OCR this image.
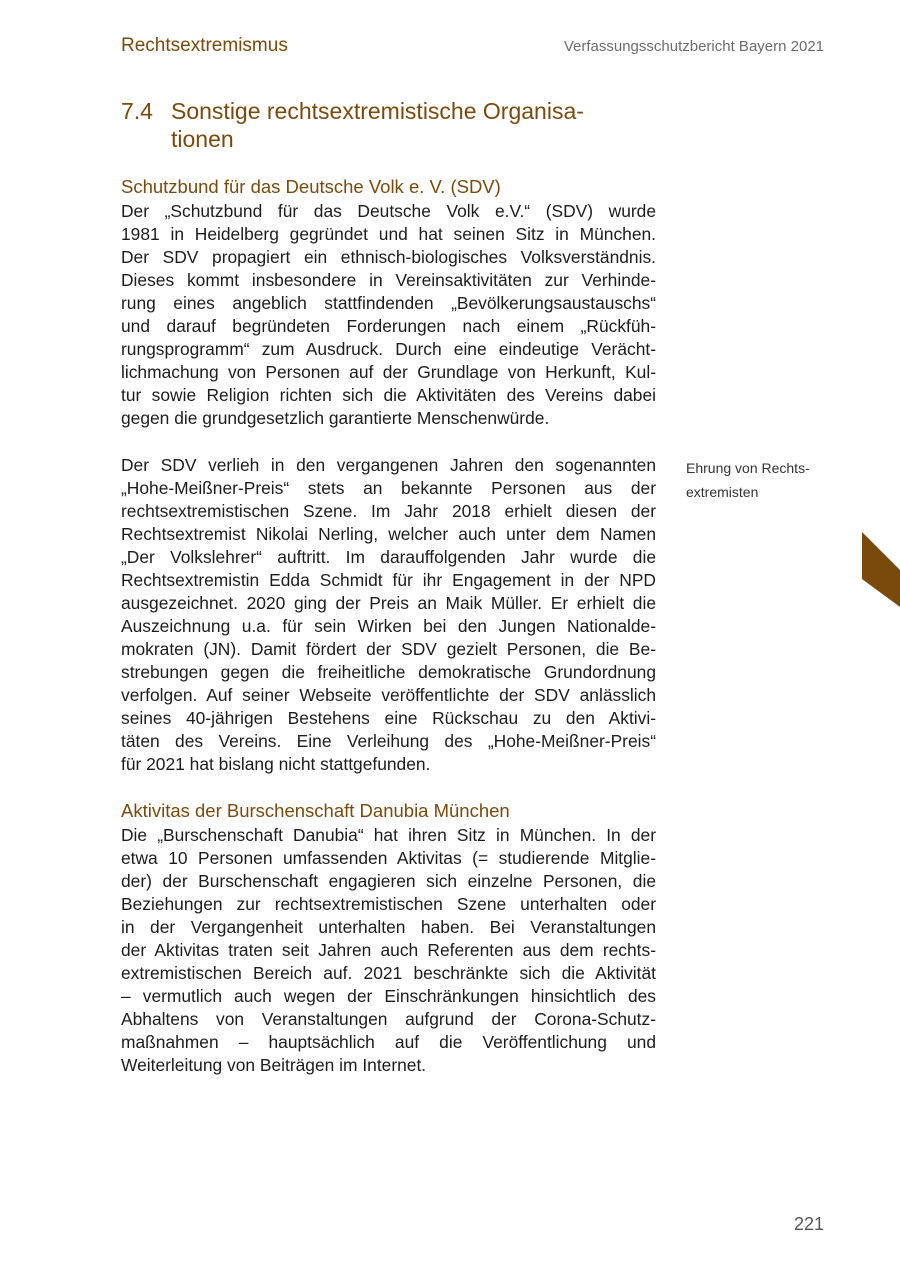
Rechtsextremismus	Verfassungsschutzbericht Bayern 2021
7.4 Sonstige rechtsextremistische Organisa-
tionen
Schutzbund für das Deutsche Volk e. V. (SDV)
Der „Schutzbund für das Deutsche Volk e.V.“ (SDV) wurde
1981 in Heidelberg gegründet und hat seinen Sitz in München.
Der SDV propagiert ein ethnisch-biologisches Volksverständnis.
Dieses kommt insbesondere in Vereinsaktivitäten zur Verhinde-
rung eines angeblich stattfindenden „Bevölkerungsaustauschs“
und darauf begründeten Forderungen nach einem „Rückfüh-
rungsprogramm“ zum Ausdruck. Durch eine eindeutige Verächt-
lichmachung von Personen auf der Grundlage von Herkunft, Kul-
tur sowie Religion richten sich die Aktivitäten des Vereins dabei
gegen die grundgesetzlich garantierte Menschenwürde.
Der SDV verlieh in den vergangenen Jahren den sogenannten
„Hohe-Meißner-Preis“ stets an bekannte Personen aus der
rechtsextremistischen Szene. Im Jahr 2018 erhielt diesen der
Rechtsextremist Nikolai Nerling, welcher auch unter dem Namen
„Der Volkslehrer“ auftritt. Im darauffolgenden Jahr wurde die
Rechtsextremistin Edda Schmidt für ihr Engagement in der NPD
ausgezeichnet. 2020 ging der Preis an Maik Müller. Er erhielt die
Auszeichnung u.a. für sein Wirken bei den Jungen Nationalde-
mokraten (JN). Damit fördert der SDV gezielt Personen, die Be-
strebungen gegen die freiheitliche demokratische Grundordnung
verfolgen. Auf seiner Webseite veröffentlichte der SDV anlässlich
seines 40-jährigen Bestehens eine Rückschau zu den Aktivi-
täten des Vereins. Eine Verleihung des „Hohe-Meißner-Preis“
für 2021 hat bislang nicht stattgefunden.
Ehrung von Rechts-
extremisten
Aktivitas der Burschenschaft Danubia München
Die „Burschenschaft Danubia“ hat ihren Sitz in München. In der
etwa 10 Personen umfassenden Aktivitas (= studierende Mitglie-
der) der Burschenschaft engagieren sich einzelne Personen, die
Beziehungen zur rechtsextremistischen Szene unterhalten oder
in der Vergangenheit unterhalten haben. Bei Veranstaltungen
der Aktivitas traten seit Jahren auch Referenten aus dem rechts-
extremistischen Bereich auf. 2021 beschränkte sich die Aktivität
– vermutlich auch wegen der Einschränkungen hinsichtlich des
Abhaltens von Veranstaltungen aufgrund der Corona-Schutz-
maßnahmen – hauptsächlich auf die Veröffentlichung und
Weiterleitung von Beiträgen im Internet.
221
